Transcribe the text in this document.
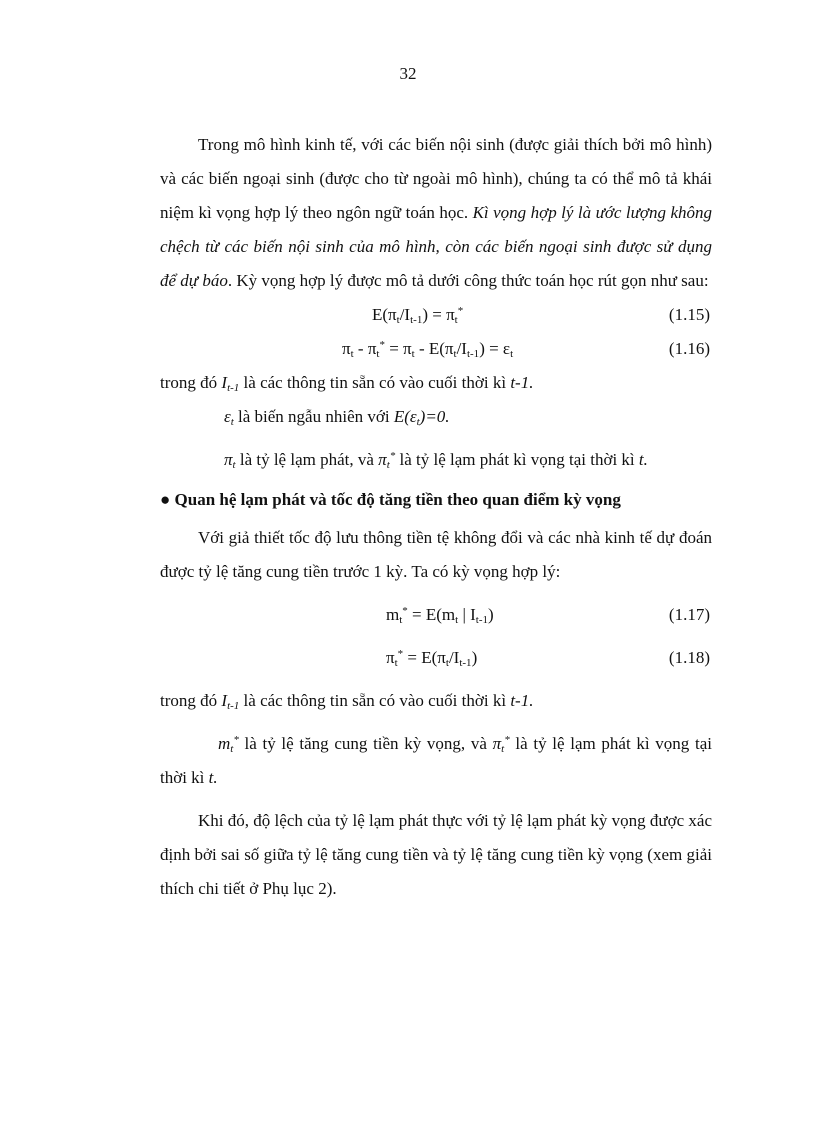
32

Trong mô hình kinh tế, với các biến nội sinh (được giải thích bởi mô hình) và các biến ngoại sinh (được cho từ ngoài mô hình), chúng ta có thể mô tả khái niệm kì vọng hợp lý theo ngôn ngữ toán học. Kì vọng hợp lý là ước lượng không chệch từ các biến nội sinh của mô hình, còn các biến ngoại sinh được sử dụng để dự báo. Kỳ vọng hợp lý được mô tả dưới công thức toán học rút gọn như sau:

$E(\pi_t/I_{t-1}) = \pi_t^*$	(1.15)
$\pi_t - \pi_t^* = \pi_t - E(\pi_t/I_{t-1}) = \varepsilon_t$	(1.16)

trong đó $I_{t-1}$ là các thông tin sẵn có vào cuối thời kì t-1.

$\varepsilon_t$ là biến ngẫu nhiên với $E(\varepsilon_t)=0$.

$\pi_t$ là tỷ lệ lạm phát, và $\pi_t^*$ là tỷ lệ lạm phát kì vọng tại thời kì t.

● Quan hệ lạm phát và tốc độ tăng tiền theo quan điểm kỳ vọng

Với giả thiết tốc độ lưu thông tiền tệ không đổi và các nhà kinh tế dự đoán được tỷ lệ tăng cung tiền trước 1 kỳ. Ta có kỳ vọng hợp lý:

$m_t^* = E(m_t$ | $I_{t-1}$)	(1.17)
$\pi_t^* = E(\pi_t/I_{t-1})$	(1.18)

trong đó $I_{t-1}$ là các thông tin sẵn có vào cuối thời kì t-1.

$m_t^*$ là tỷ lệ tăng cung tiền kỳ vọng, và $\pi_t^*$ là tỷ lệ lạm phát kì vọng tại thời kì t.

Khi đó, độ lệch của tỷ lệ lạm phát thực với tỷ lệ lạm phát kỳ vọng được xác định bởi sai số giữa tỷ lệ tăng cung tiền và tỷ lệ tăng cung tiền kỳ vọng (xem giải thích chi tiết ở Phụ lục 2).
